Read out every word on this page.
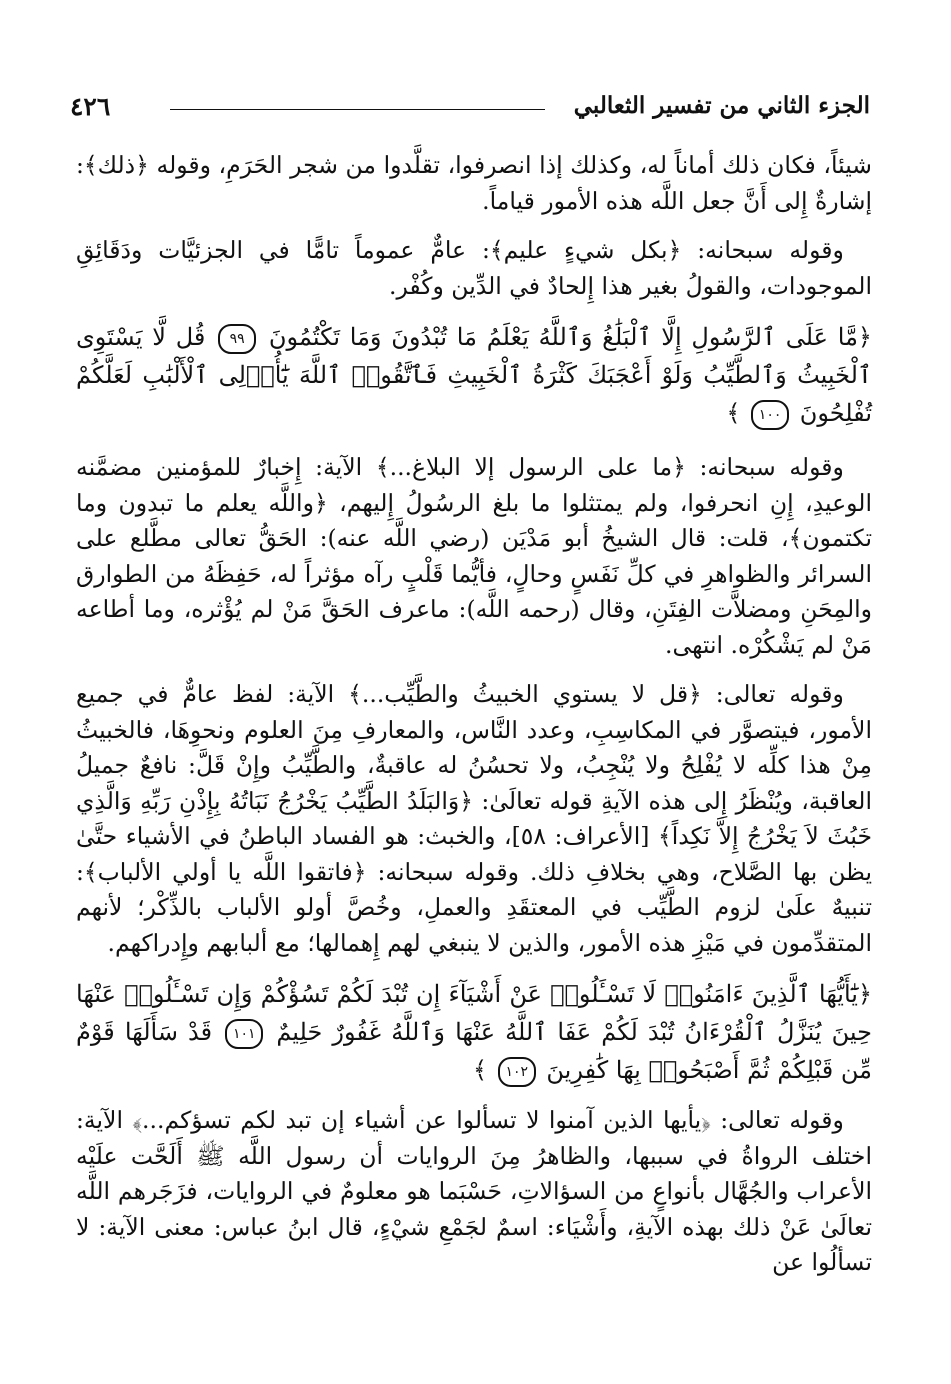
٤٢٦	الجزء الثاني من تفسير الثعالبي

شيئاً، فكان ذلك أماناً له، وكذلك إذا انصرفوا، تقلَّدوا من شجر الحَرَمِ، وقوله ﴿ذلك﴾: إشارةٌ إِلى أَنَّ جعل اللَّه هذه الأمور قياماً.

وقوله سبحانه: ﴿بكل شيءٍ عليم﴾: عامٌّ عموماً تامًّا في الجزئيَّات ودَقَائِقِ الموجودات، والقولُ بغير هذا إِلحادٌ في الدِّين وكُفْر.

﴿مَّا عَلَى ٱلرَّسُولِ إِلَّا ٱلْبَلَٰغُ وَٱللَّهُ يَعْلَمُ مَا تُبْدُونَ وَمَا تَكْتُمُونَ ٩٩ قُل لَّا يَسْتَوِى ٱلْخَبِيثُ وَٱلطَّيِّبُ وَلَوْ أَعْجَبَكَ كَثْرَةُ ٱلْخَبِيثِ فَٱتَّقُوا۟ ٱللَّهَ يَٰٓأُو۟لِى ٱلْأَلْبَٰبِ لَعَلَّكُمْ تُفْلِحُونَ ١٠٠ ﴾

وقوله سبحانه: ﴿ما على الرسول إلا البلاغ...﴾ الآية: إِخبارٌ للمؤمنين مضمَّنه الوعيدِ، إِنِ انحرفوا، ولم يمتثلوا ما بلغ الرسُولُ إِليهم، ﴿واللَّه يعلم ما تبدون وما تكتمون﴾، قلت: قال الشيخُ أبو مَدْيَن (رضي اللَّه عنه): الحَقُّ تعالى مطَّلع على السرائر والظواهرِ في كلِّ نَفَسٍ وحالٍ، فأيُّما قَلْبٍ رآه مؤثراً له، حَفِظَهُ من الطوارق والمِحَنِ ومضلاَّت الفِتَنِ، وقال (رحمه اللَّه): ماعرف الحَقَّ مَنْ لم يُؤْثره، وما أطاعه مَنْ لم يَشْكُرْه. انتهى.

وقوله تعالى: ﴿قل لا يستوي الخبيثُ والطَّيِّب...﴾ الآية: لفظ عامٌّ في جميع الأمور، فيتصوَّر في المكاسِبِ، وعدد النَّاس، والمعارفِ مِنَ العلوم ونحوِهَا، فالخبيثُ مِنْ هذا كلِّه لا يُفْلِحُ ولا يُنْجِبُ، ولا تحسُنُ له عاقبةٌ، والطَّيِّبُ وإِنْ قَلَّ: نافعٌ جميلُ العاقبة، ويُنْظَرُ إِلى هذه الآيةِ قوله تعالَىٰ: ﴿وَالبَلَدُ الطَّيِّبُ يَخْرُجُ نَبَاتُهُ بِإِذْنِ رَبِّهِ وَالَّذِي خَبُثَ لاَ يَخْرُجُ إِلاَّ نَكِداً﴾ [الأعراف: ٥٨]، والخبث: هو الفساد الباطنُ في الأشياء حتَّىٰ يظن بها الصَّلاح، وهي بخلافِ ذلك. وقوله سبحانه: ﴿فاتقوا اللَّه يا أولي الألباب﴾: تنبيهٌ علَىٰ لزوم الطَّيِّب في المعتقَدِ والعملِ، وخُصَّ أولو الألباب بالذِّكْر؛ لأنهم المتقدِّمون في مَيْزِ هذه الأمور، والذين لا ينبغي لهم إِهمالها؛ مع ألبابهم وإِدراكهم.

﴿يَٰٓأَيُّهَا ٱلَّذِينَ ءَامَنُوا۟ لَا تَسْـَٔلُوا۟ عَنْ أَشْيَآءَ إِن تُبْدَ لَكُمْ تَسُؤْكُمْ وَإِن تَسْـَٔلُوا۟ عَنْهَا حِينَ يُنَزَّلُ ٱلْقُرْءَانُ تُبْدَ لَكُمْ عَفَا ٱللَّهُ عَنْهَا وَٱللَّهُ غَفُورٌ حَلِيمٌ ١٠١ قَدْ سَأَلَهَا قَوْمٌ مِّن قَبْلِكُمْ ثُمَّ أَصْبَحُوا۟ بِهَا كَٰفِرِينَ ١٠٢ ﴾

وقوله تعالى: ﴿يأيها الذين آمنوا لا تسألوا عن أشياء إن تبد لكم تسؤكم...﴾ الآية: اختلف الرواةُ في سببها، والظاهرُ مِنَ الروايات أن رسول اللَّه ﷺ أَلَحَّت علَيْه الأعراب والجُهَّال بأنواعٍ من السؤالاتِ، حَسْبَما هو معلومٌ في الروايات، فزَجَرهم اللَّه تعالَىٰ عَنْ ذلك بهذه الآيةِ، وأَشْيَاء: اسمٌ لجَمْعِ شيْءٍ، قال ابنُ عباس: معنى الآية: لا تسألُوا عن
